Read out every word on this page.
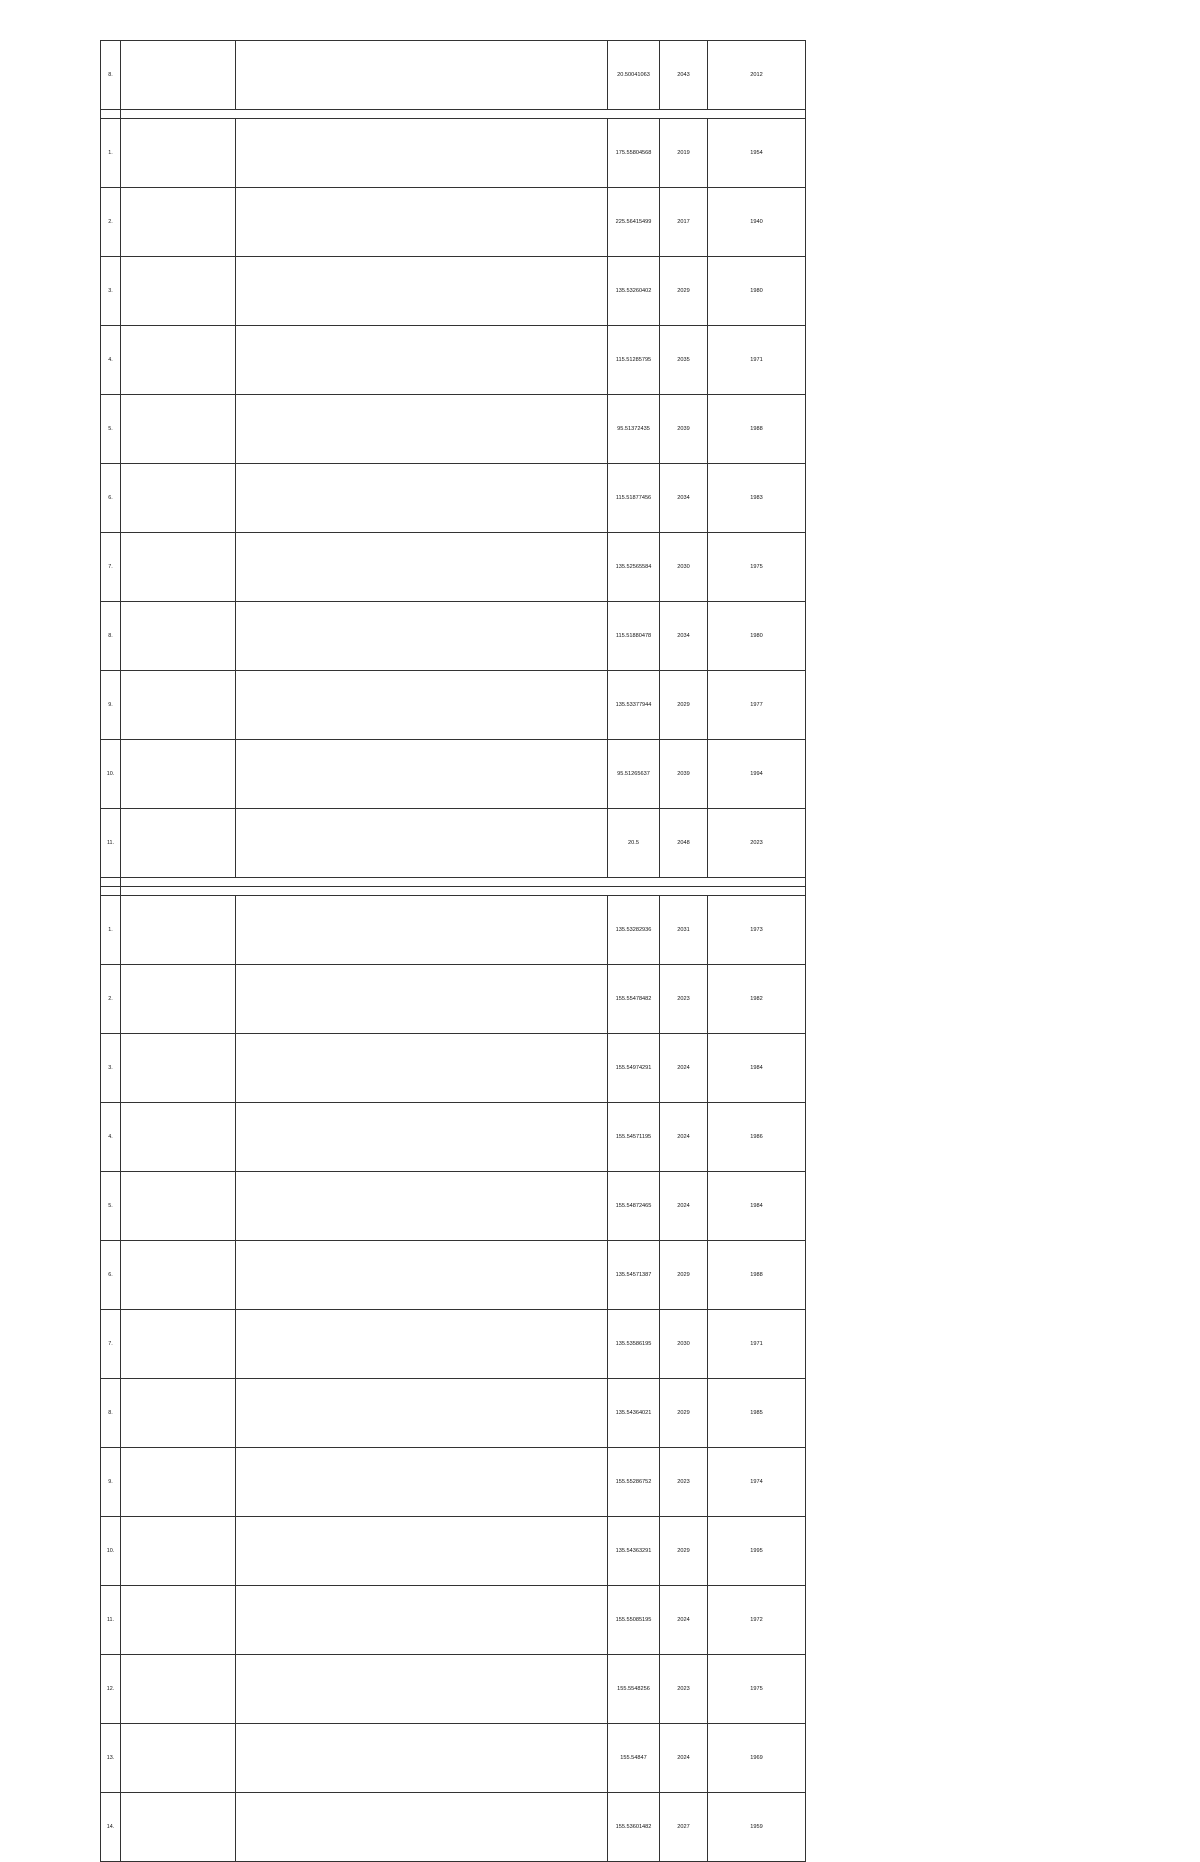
8.			20.50041063	2043	2012

1.			175.55804568	2019	1954
2.			225.56415499	2017	1940
3.			135.53260402	2029	1980
4.			115.51285795	2035	1971
5.			95.51372435	2039	1988
6.			115.51877456	2034	1983
7.			135.52565584	2030	1975
8.			115.51880478	2034	1980
9.			135.53377944	2029	1977
10.			95.51265637	2039	1994
11.			20.5	2048	2023

1.			135.53282936	2031	1973
2.			155.55478482	2023	1982
3.			155.54974291	2024	1984
4.			155.54571195	2024	1986
5.			155.54872465	2024	1984
6.			135.54571387	2029	1988
7.			135.53586195	2030	1971
8.			135.54364021	2029	1985
9.			155.55286752	2023	1974
10.			135.54363291	2029	1995
11.			155.55085195	2024	1972
12.			155.5548256	2023	1975
13.			155.54847	2024	1969
14.			155.53601482	2027	1959
